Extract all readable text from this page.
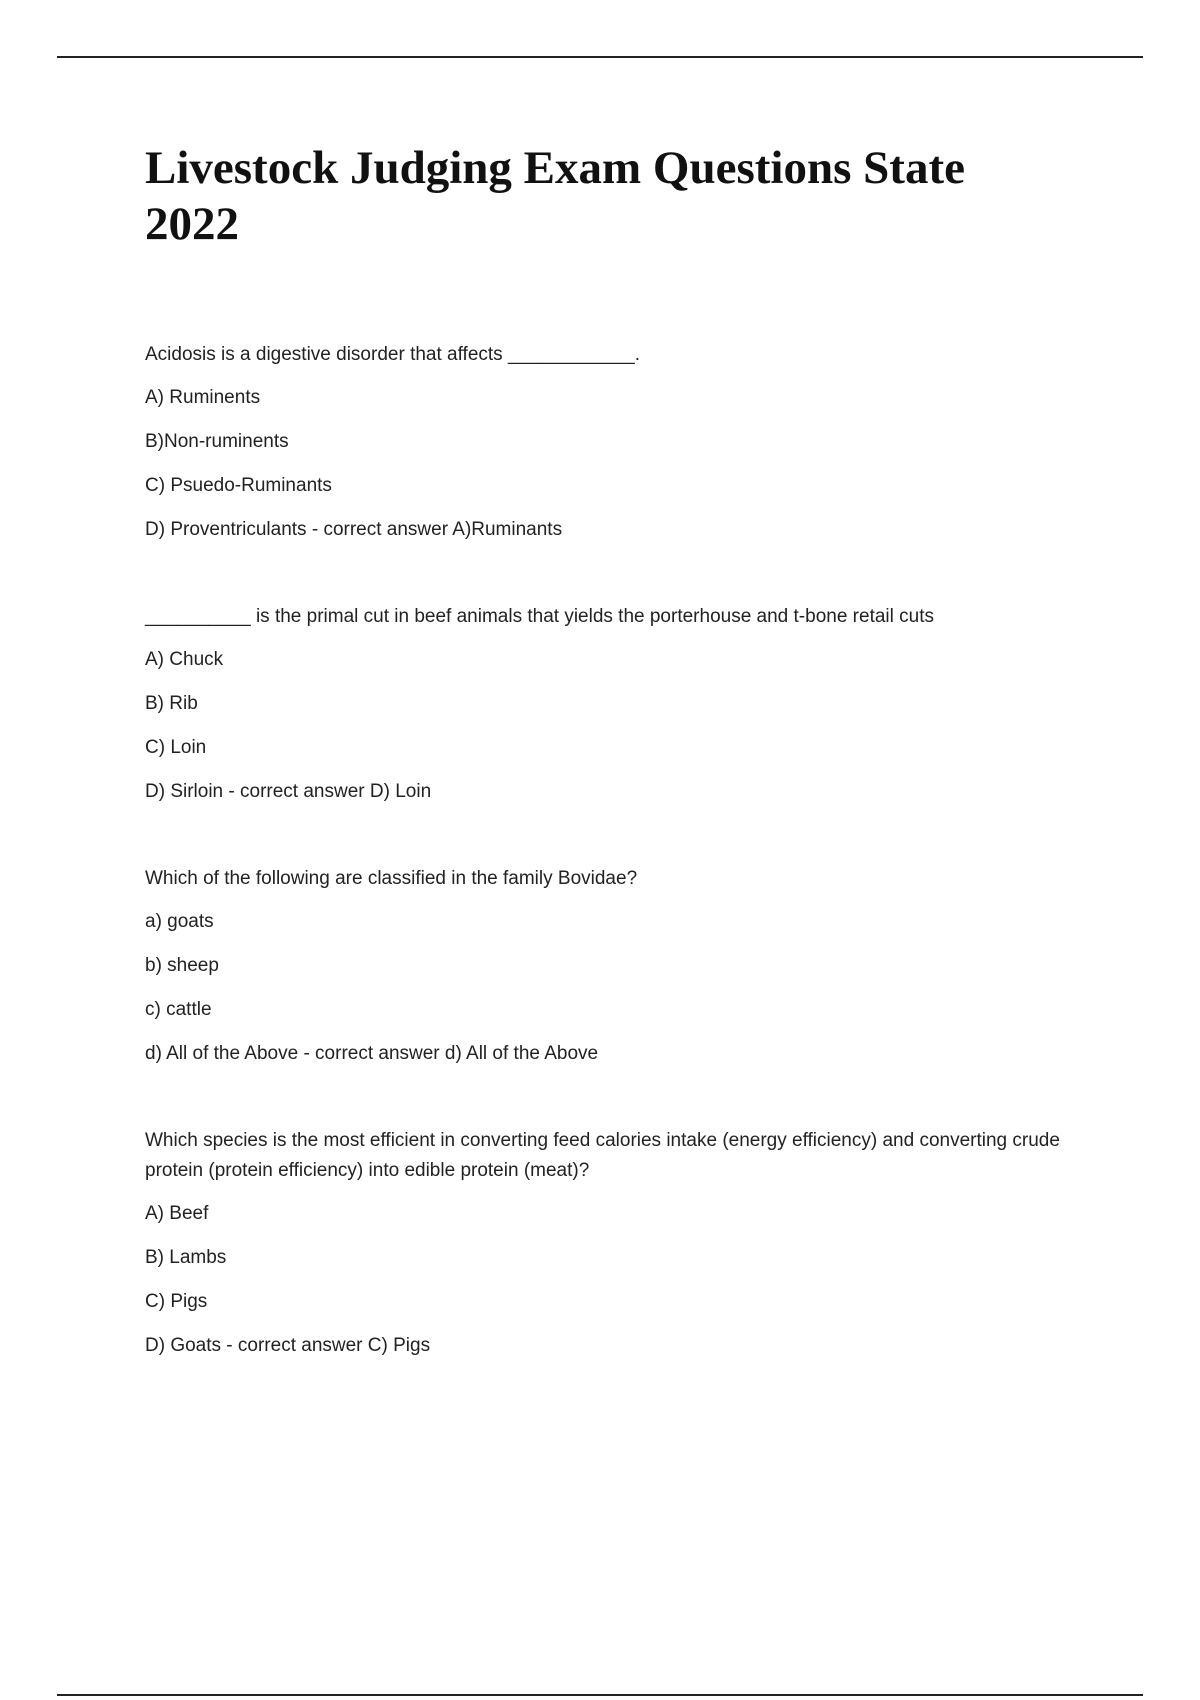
Livestock Judging Exam Questions State 2022

Acidosis is a digestive disorder that affects ____________.

A) Ruminents

B)Non-ruminents

C) Psuedo-Ruminants

D) Proventriculants - correct answer A)Ruminants

__________ is the primal cut in beef animals that yields the porterhouse and t-bone retail cuts

A) Chuck

B) Rib

C) Loin

D) Sirloin - correct answer D) Loin

Which of the following are classified in the family Bovidae?

a) goats

b) sheep

c) cattle

d) All of the Above - correct answer d) All of the Above

Which species is the most efficient in converting feed calories intake (energy efficiency) and converting crude protein (protein efficiency) into edible protein (meat)?

A) Beef

B) Lambs

C) Pigs

D) Goats - correct answer C) Pigs
